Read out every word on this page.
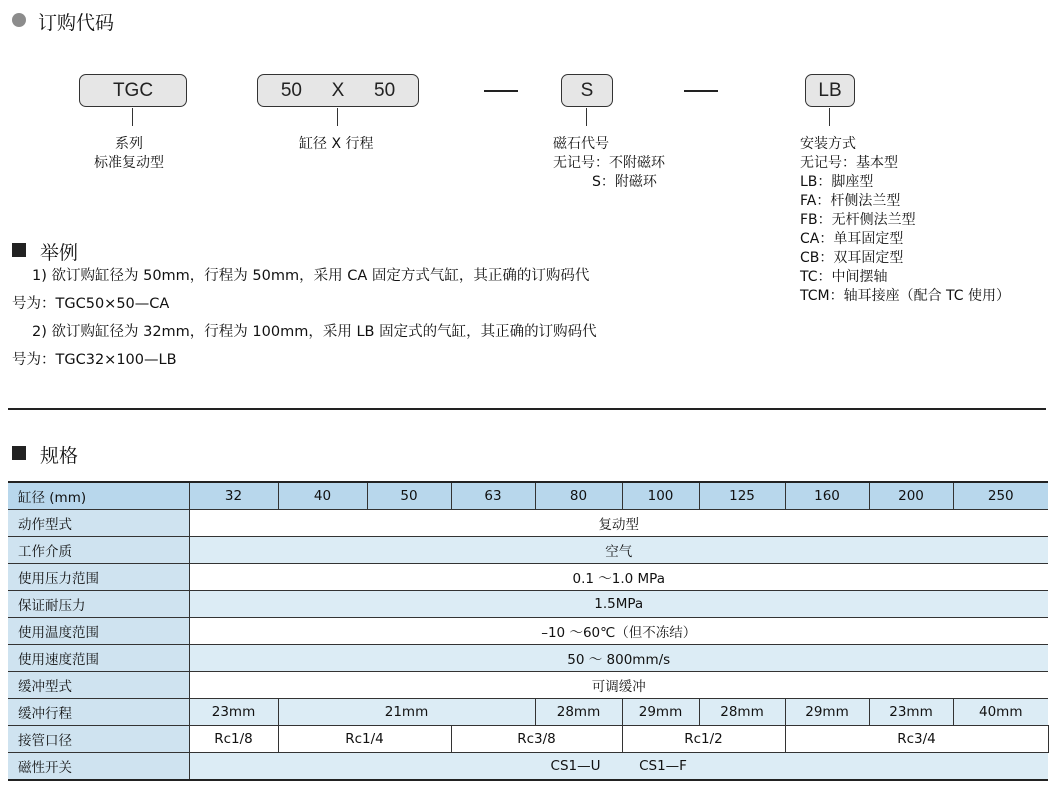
订购代码
TGC	50 X 50	S	LB
系列
标准复动型
缸径 X 行程	磁石代号
无记号：不附磁环
S：附磁环
安装方式
无记号：基本型
LB：脚座型
FA：杆侧法兰型
FB：无杆侧法兰型
CA：单耳固定型
CB：双耳固定型
TC：中间摆轴
TCM：轴耳接座（配合 TC 使用）
举例
1) 欲订购缸径为 50mm，行程为 50mm，采用 CA 固定方式气缸，其正确的订购码代
号为：TGC50×50—CA
2) 欲订购缸径为 32mm，行程为 100mm，采用 LB 固定式的气缸，其正确的订购码代
号为：TGC32×100—LB
规格
缸径 (mm)	32	40	50	63	80	100	125	160	200	250	
动作型式	复动型										
工作介质	空气										
使用压力范围	0.1 ～1.0 MPa										
保证耐压力	1.5MPa										
使用温度范围	–10 ～60℃（但不冻结）										
使用速度范围	50 ～ 800mm/s										
缓冲型式	可调缓冲										
缓冲行程	23mm	21mm			28mm	29mm	28mm	29mm	23mm	40mm	
接管口径	Rc1/8	Rc1/4		Rc3/8		Rc1/2		Rc3/4	
磁性开关	CS1—U CS1—F										
